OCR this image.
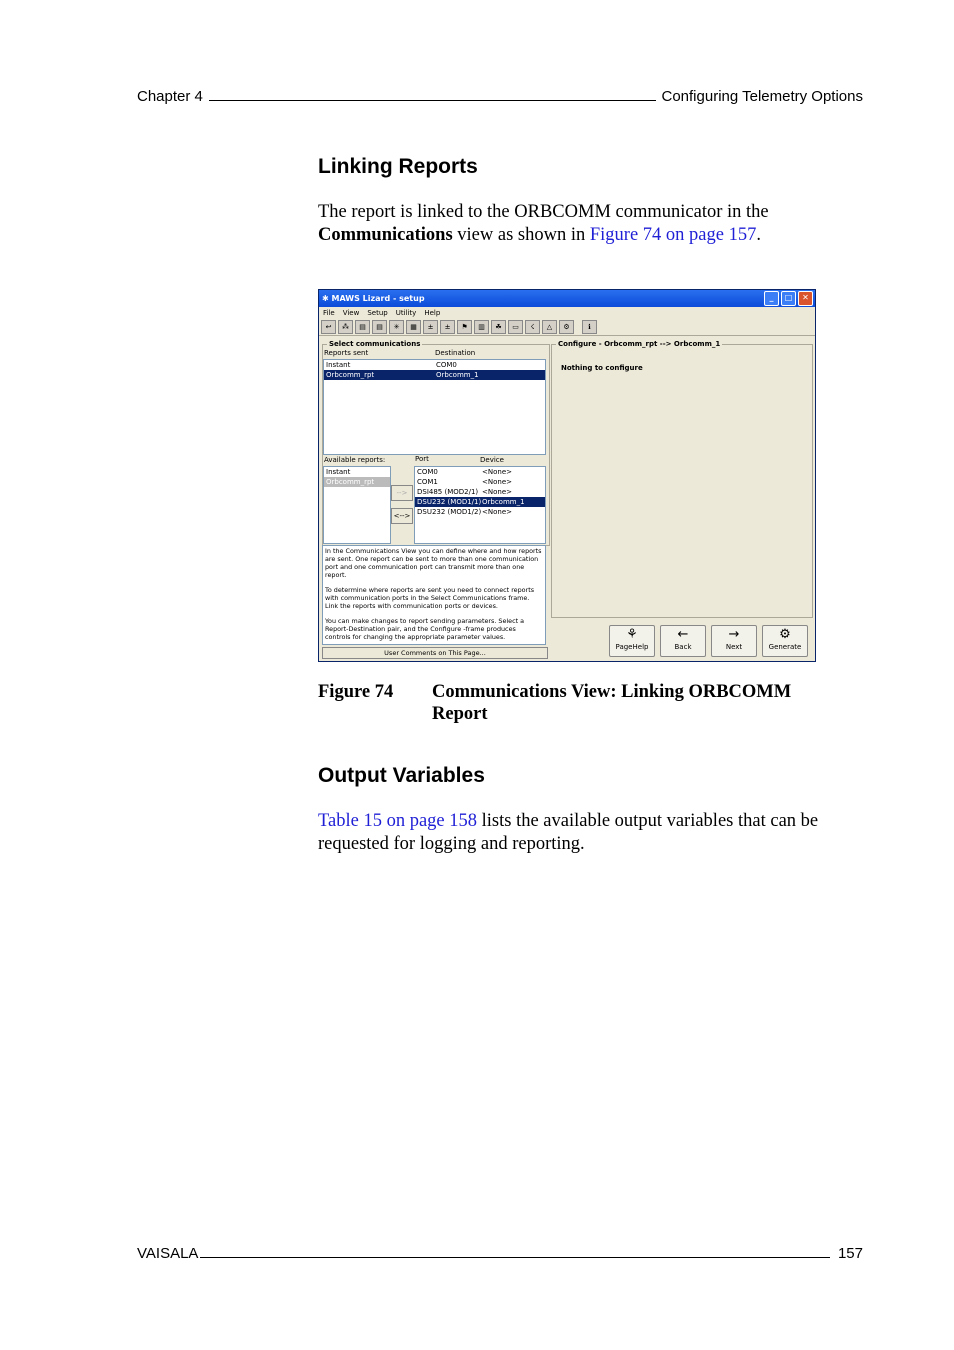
Chapter 4	Configuring Telemetry Options
Linking Reports

The report is linked to the ORBCOMM communicator in the Communications view as shown in Figure 74 on page 157.

✱ MAWS Lizard - setup	_	□	✕
File View Setup Utility Help
↩	⁂	▤	▤	✳	▦	±	±	⚑	▥	☘	▭	☇	△	⚙	ℹ
Select communications
Reports sent	Destination
Instant	COM0
Orbcomm_rpt	Orbcomm_1
Available reports:	Port	Device
Instant
Orbcomm_rpt
-->
<-->
COM0	<None>
COM1	<None>
DSI485 (MOD2/1) <None>
DSU232 (MOD1/1) Orbcomm_1
DSU232 (MOD1/2) <None>
In the Communications View you can define where and how reports are sent. One report can be sent to more than one communication port and one communication port can transmit more than one report.
To determine where reports are sent you need to connect reports with communication ports in the Select Communications frame. Link the reports with communication ports or devices.
You can make changes to report sending parameters. Select a Report-Destination pair, and the Configure -frame produces controls for changing the appropriate parameter values.
User Comments on This Page...
Configure - Orbcomm_rpt --> Orbcomm_1
Nothing to configure
⚘
PageHelp
←
Back
→
Next
⚙
Generate
Figure 74 Communications View: Linking ORBCOMM Report
Output Variables

Table 15 on page 158 lists the available output variables that can be requested for logging and reporting.

VAISALA	157
